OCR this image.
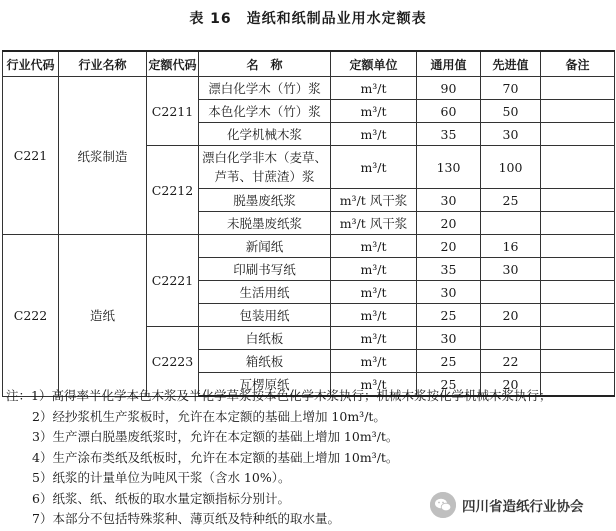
表 16　造纸和纸制品业用水定额表
行业代码	行业名称	定额代码	名　称	定额单位	通用值	先进值	备注
C221	纸浆制造	C2211	漂白化学木（竹）浆	m³/t	90	70	
			本色化学木（竹）浆	m³/t	60	50	
			化学机械木浆	m³/t	35	30	
		C2212	漂白化学非木（麦草、
芦苇、甘蔗渣）浆	m³/t	130	100	
			脱墨废纸浆	m³/t 风干浆	30	25	
			未脱墨废纸浆	m³/t 风干浆	20		
C222	造纸	C2221	新闻纸	m³/t	20	16	
			印刷书写纸	m³/t	35	30	
			生活用纸	m³/t	30		
			包装用纸	m³/t	25	20	
		C2223	白纸板	m³/t	30		
			箱纸板	m³/t	25	22	
			瓦楞原纸	m³/t	25	20	
注：1）高得率半化学本色木浆及半化学草浆按本色化学木浆执行；机械木浆按化学机械木浆执行；
2）经抄浆机生产浆板时，允许在本定额的基础上增加 10m³/t。
3）生产漂白脱墨废纸浆时，允许在本定额的基础上增加 10m³/t。
4）生产涂布类纸及纸板时，允许在本定额的基础上增加 10m³/t。
5）纸浆的计量单位为吨风干浆（含水 10%）。
6）纸浆、纸、纸板的取水量定额指标分别计。
7）本部分不包括特殊浆种、薄页纸及特种纸的取水量。
四川省造纸行业协会
